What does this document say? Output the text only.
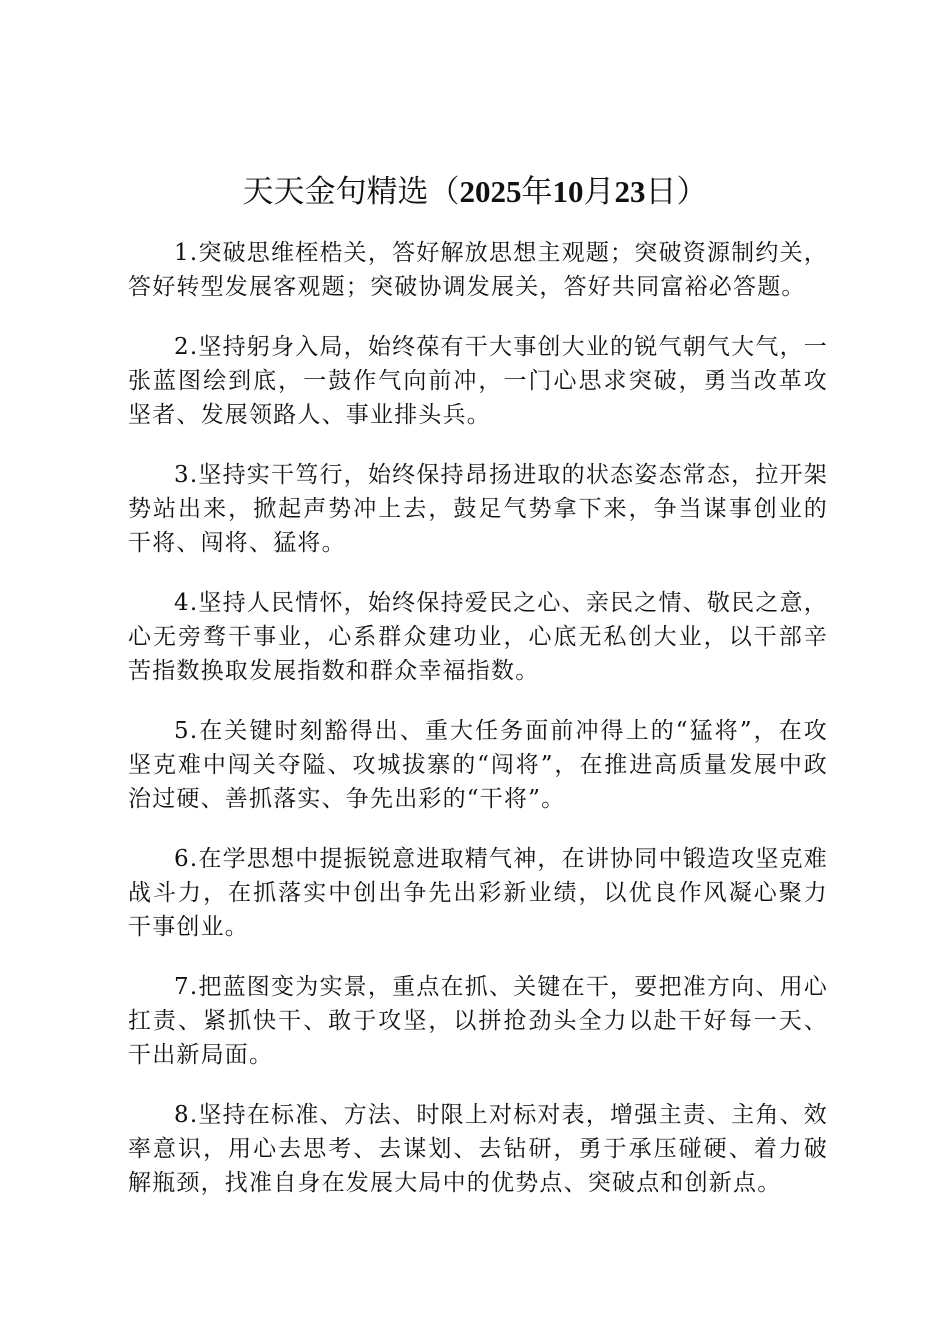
天天金句精选（2025年10月23日）

1.突破思维桎梏关，答好解放思想主观题；突破资源制约关，答好转型发展客观题；突破协调发展关，答好共同富裕必答题。

2.坚持躬身入局，始终葆有干大事创大业的锐气朝气大气，一张蓝图绘到底，一鼓作气向前冲，一门心思求突破，勇当改革攻坚者、发展领路人、事业排头兵。

3.坚持实干笃行，始终保持昂扬进取的状态姿态常态，拉开架势站出来，掀起声势冲上去，鼓足气势拿下来，争当谋事创业的干将、闯将、猛将。

4.坚持人民情怀，始终保持爱民之心、亲民之情、敬民之意，心无旁骛干事业，心系群众建功业，心底无私创大业，以干部辛苦指数换取发展指数和群众幸福指数。

5.在关键时刻豁得出、重大任务面前冲得上的“猛将”，在攻坚克难中闯关夺隘、攻城拔寨的“闯将”，在推进高质量发展中政治过硬、善抓落实、争先出彩的“干将”。

6.在学思想中提振锐意进取精气神，在讲协同中锻造攻坚克难战斗力，在抓落实中创出争先出彩新业绩，以优良作风凝心聚力干事创业。

7.把蓝图变为实景，重点在抓、关键在干，要把准方向、用心扛责、紧抓快干、敢于攻坚，以拼抢劲头全力以赴干好每一天、干出新局面。

8.坚持在标准、方法、时限上对标对表，增强主责、主角、效率意识，用心去思考、去谋划、去钻研，勇于承压碰硬、着力破解瓶颈，找准自身在发展大局中的优势点、突破点和创新点。
